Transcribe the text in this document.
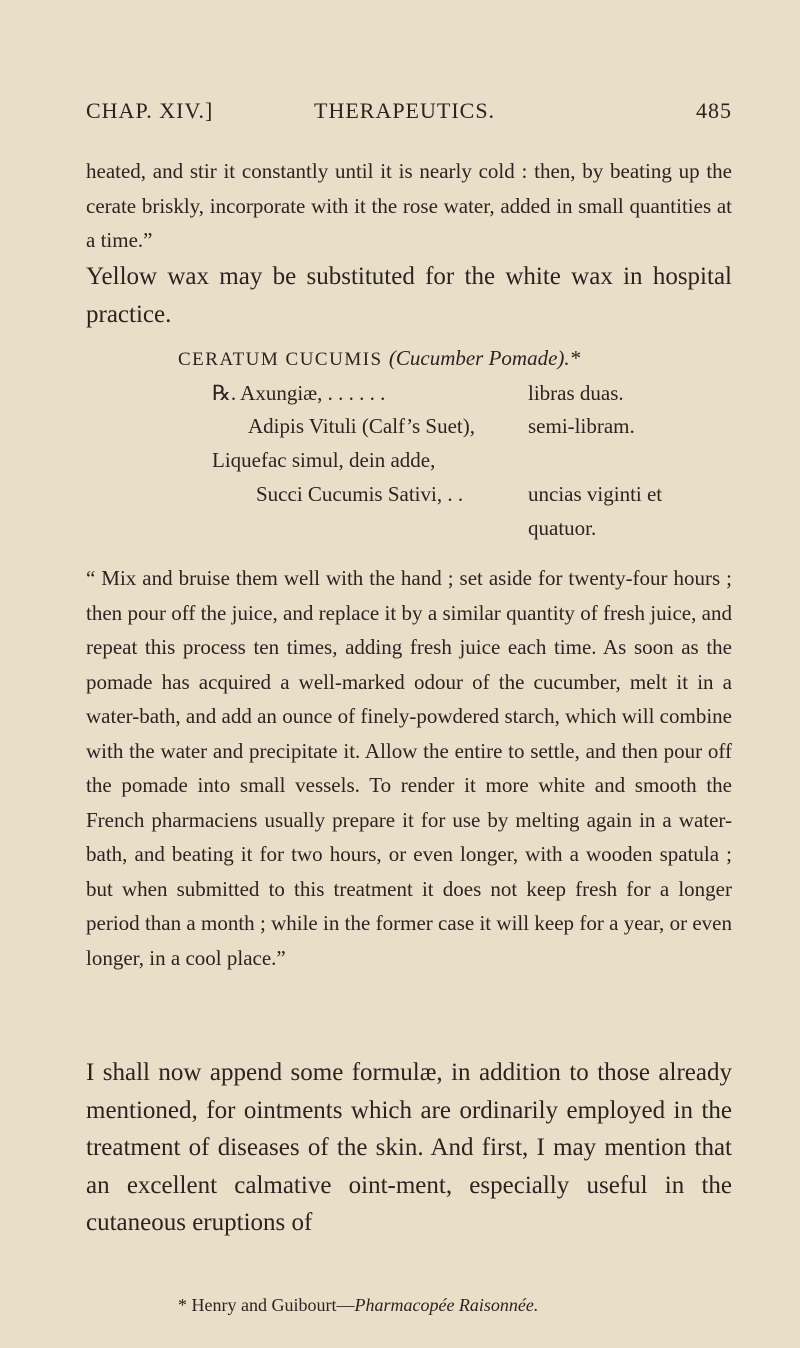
CHAP. XIV.]	THERAPEUTICS.	485

heated, and stir it constantly until it is nearly cold : then, by beating up the cerate briskly, incorporate with it the rose water, added in small quantities at a time.”

Yellow wax may be substituted for the white wax in hospital practice.

CERATUM CUCUMIS (Cucumber Pomade).*
℞. Axungiæ, . . . . . .	libras duas.
Adipis Vituli (Calf’s Suet),	semi-libram.
Liquefac simul, dein adde,
Succi Cucumis Sativi, . .	uncias viginti et
quatuor.

“ Mix and bruise them well with the hand ; set aside for twenty-four hours ; then pour off the juice, and replace it by a similar quantity of fresh juice, and repeat this process ten times, adding fresh juice each time. As soon as the pomade has acquired a well-marked odour of the cucumber, melt it in a water-bath, and add an ounce of finely-powdered starch, which will combine with the water and precipitate it. Allow the entire to settle, and then pour off the pomade into small vessels. To render it more white and smooth the French pharmaciens usually prepare it for use by melting again in a water-bath, and beating it for two hours, or even longer, with a wooden spatula ; but when submitted to this treatment it does not keep fresh for a longer period than a month ; while in the former case it will keep for a year, or even longer, in a cool place.”

I shall now append some formulæ, in addition to those already mentioned, for ointments which are ordinarily employed in the treatment of diseases of the skin. And first, I may mention that an excellent calmative oint-ment, especially useful in the cutaneous eruptions of

* Henry and Guibourt—Pharmacopée Raisonnée.
